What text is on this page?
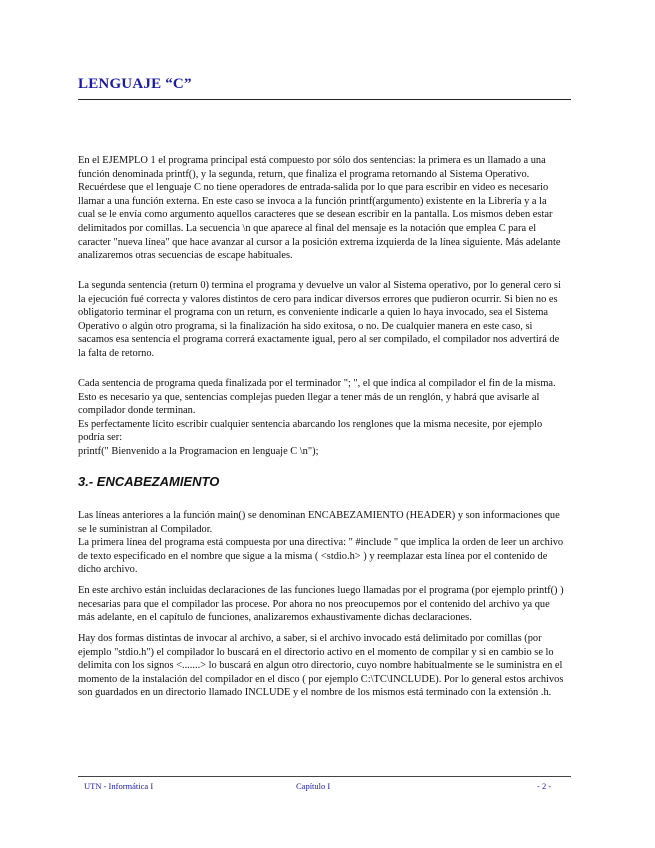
LENGUAJE “C”

En el EJEMPLO 1 el programa principal está compuesto por sólo dos sentencias: la primera es un llamado a una
función denominada printf(), y la segunda, return, que finaliza el programa retornando al Sistema Operativo.
Recuérdese que el lenguaje C no tiene operadores de entrada-salida por lo que para escribir en video es necesario
llamar a una función externa. En este caso se invoca a la función printf(argumento) existente en la Librería y a la
cual se le envía como argumento aquellos caracteres que se desean escribir en la pantalla. Los mismos deben estar
delimitados por comillas. La secuencia \n que aparece al final del mensaje es la notación que emplea C para el
caracter "nueva línea" que hace avanzar al cursor a la posición extrema izquierda de la línea siguiente. Más adelante
analizaremos otras secuencias de escape habituales.

La segunda sentencia (return 0) termina el programa y devuelve un valor al Sistema operativo, por lo general cero si
la ejecución fué correcta y valores distintos de cero para indicar diversos errores que pudieron ocurrir. Si bien no es
obligatorio terminar el programa con un return, es conveniente indicarle a quien lo haya invocado, sea el Sistema
Operativo o algún otro programa, si la finalización ha sido exitosa, o no. De cualquier manera en este caso, si
sacamos esa sentencia el programa correrá exactamente igual, pero al ser compilado, el compilador nos advertirá de
la falta de retorno.

Cada sentencia de programa queda finalizada por el terminador "; ", el que indica al compilador el fin de la misma.
Esto es necesario ya que, sentencias complejas pueden llegar a tener más de un renglón, y habrá que avisarle al
compilador donde terminan.
Es perfectamente lícito escribir cualquier sentencia abarcando los renglones que la misma necesite, por ejemplo
podría ser:
printf(" Bienvenido a la Programacion en lenguaje C \n");

3.- ENCABEZAMIENTO

Las líneas anteriores a la función main() se denominan ENCABEZAMIENTO (HEADER) y son informaciones que
se le suministran al Compilador.
La primera línea del programa está compuesta por una directiva: " #include " que implica la orden de leer un archivo
de texto especificado en el nombre que sigue a la misma ( <stdio.h> ) y reemplazar esta línea por el contenido de
dicho archivo.

En este archivo están incluidas declaraciones de las funciones luego llamadas por el programa (por ejemplo printf() )
necesarias para que el compilador las procese. Por ahora no nos preocupemos por el contenido del archivo ya que
más adelante, en el capítulo de funciones, analizaremos exhaustivamente dichas declaraciones.

Hay dos formas distintas de invocar al archivo, a saber, si el archivo invocado está delimitado por comillas (por
ejemplo "stdio.h") el compilador lo buscará en el directorio activo en el momento de compilar y si en cambio se lo
delimita con los signos <.......> lo buscará en algun otro directorio, cuyo nombre habitualmente se le suministra en el
momento de la instalación del compilador en el disco ( por ejemplo C:\TC\INCLUDE). Por lo general estos archivos
son guardados en un directorio llamado INCLUDE y el nombre de los mismos está terminado con la extensión .h.

UTN - Informática I	Capítulo I	- 2 -
